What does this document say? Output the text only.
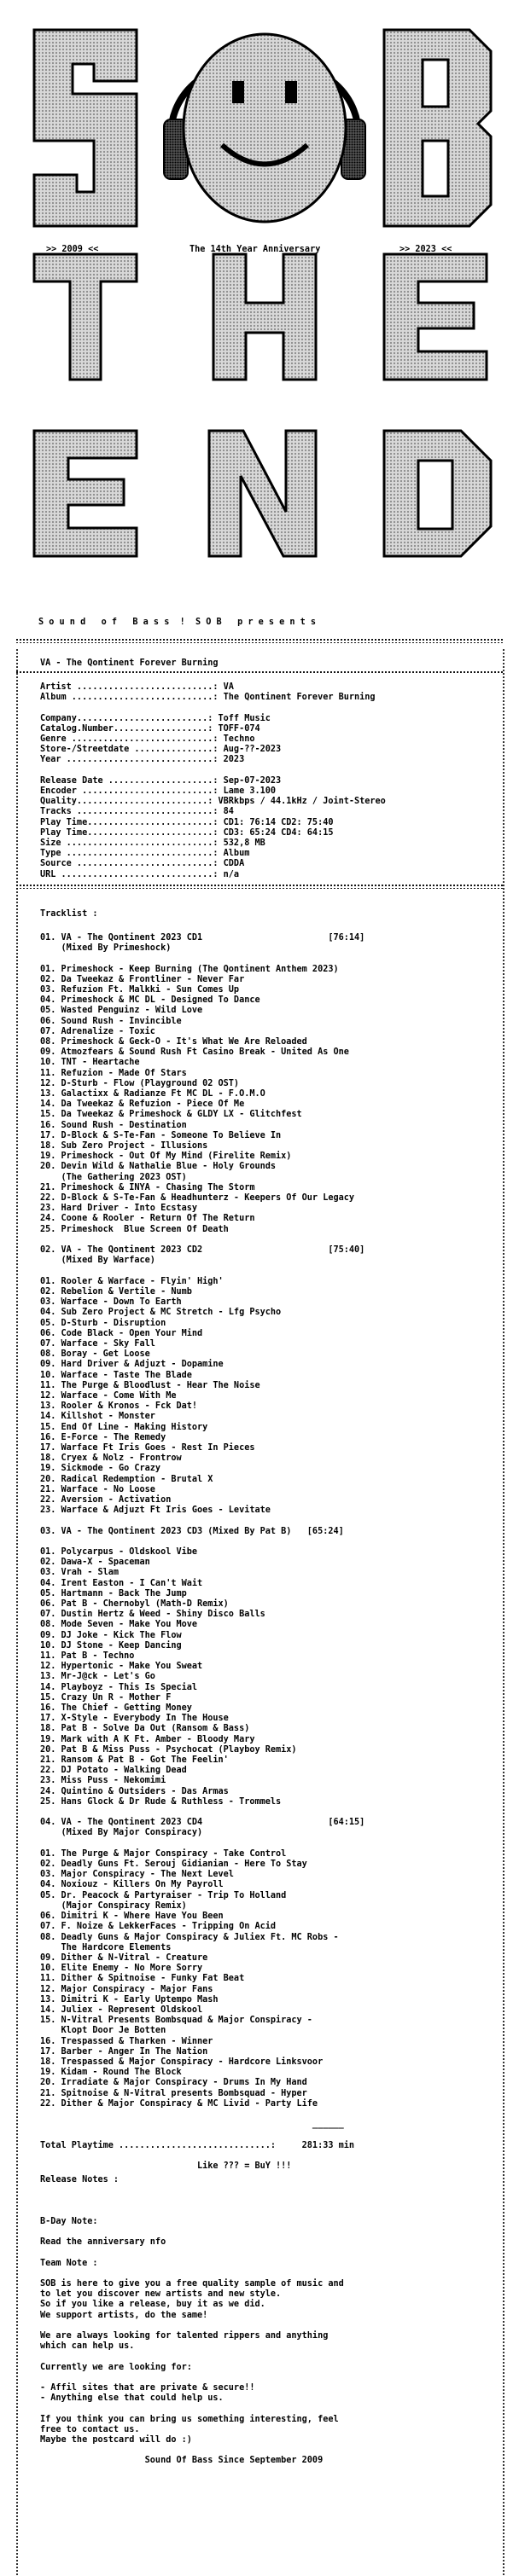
>> 2009 <<	The 14th Year Anniversary	>> 2023 <<
S o u n d   o f   B a s s  !  S O B   p r e s e n t s
VA - The Qontinent Forever Burning
Artist ..........................: VA
Album ...........................: The Qontinent Forever Burning

Company.........................: Toff Music
Catalog.Number..................: TOFF-074
Genre ...........................: Techno
Store-/Streetdate ...............: Aug-??-2023
Year ............................: 2023

Release Date ....................: Sep-07-2023
Encoder .........................: Lame 3.100
Quality.........................: VBRkbps / 44.1kHz / Joint-Stereo
Tracks ..........................: 84
Play Time........................: CD1: 76:14 CD2: 75:40
Play Time........................: CD3: 65:24 CD4: 64:15
Size ............................: 532,8 MB
Type ............................: Album
Source ..........................: CDDA
URL .............................: n/a
Tracklist :
01. VA - The Qontinent 2023 CD1                        [76:14]
(Mixed By Primeshock)

01. Primeshock - Keep Burning (The Qontinent Anthem 2023)
02. Da Tweekaz & Frontliner - Never Far
03. Refuzion Ft. Malkki - Sun Comes Up
04. Primeshock & MC DL - Designed To Dance
05. Wasted Penguinz - Wild Love
06. Sound Rush - Invincible
07. Adrenalize - Toxic
08. Primeshock & Geck-O - It's What We Are Reloaded
09. Atmozfears & Sound Rush Ft Casino Break - United As One
10. TNT - Heartache
11. Refuzion - Made Of Stars
12. D-Sturb - Flow (Playground 02 OST)
13. Galactixx & Radianze Ft MC DL - F.O.M.O
14. Da Tweekaz & Refuzion - Piece Of Me
15. Da Tweekaz & Primeshock & GLDY LX - Glitchfest
16. Sound Rush - Destination
17. D-Block & S-Te-Fan - Someone To Believe In
18. Sub Zero Project - Illusions
19. Primeshock - Out Of My Mind (Firelite Remix)
20. Devin Wild & Nathalie Blue - Holy Grounds
(The Gathering 2023 OST)
21. Primeshock & INYA - Chasing The Storm
22. D-Block & S-Te-Fan & Headhunterz - Keepers Of Our Legacy
23. Hard Driver - Into Ecstasy
24. Coone & Rooler - Return Of The Return
25. Primeshock  Blue Screen Of Death

02. VA - The Qontinent 2023 CD2                        [75:40]
(Mixed By Warface)

01. Rooler & Warface - Flyin' High'
02. Rebelion & Vertile - Numb
03. Warface - Down To Earth
04. Sub Zero Project & MC Stretch - Lfg Psycho
05. D-Sturb - Disruption
06. Code Black - Open Your Mind
07. Warface - Sky Fall
08. Boray - Get Loose
09. Hard Driver & Adjuzt - Dopamine
10. Warface - Taste The Blade
11. The Purge & Bloodlust - Hear The Noise
12. Warface - Come With Me
13. Rooler & Kronos - Fck Dat!
14. Killshot - Monster
15. End Of Line - Making History
16. E-Force - The Remedy
17. Warface Ft Iris Goes - Rest In Pieces
18. Cryex & Nolz - Frontrow
19. Sickmode - Go Crazy
20. Radical Redemption - Brutal X
21. Warface - No Loose
22. Aversion - Activation
23. Warface & Adjuzt Ft Iris Goes - Levitate

03. VA - The Qontinent 2023 CD3 (Mixed By Pat B)   [65:24]

01. Polycarpus - Oldskool Vibe
02. Dawa-X - Spaceman
03. Vrah - Slam
04. Irent Easton - I Can't Wait
05. Hartmann - Back The Jump
06. Pat B - Chernobyl (Math-D Remix)
07. Dustin Hertz & Weed - Shiny Disco Balls
08. Mode Seven - Make You Move
09. DJ Joke - Kick The Flow
10. DJ Stone - Keep Dancing
11. Pat B - Techno
12. Hypertonic - Make You Sweat
13. Mr-J@ck - Let's Go
14. Playboyz - This Is Special
15. Crazy Un R - Mother F
16. The Chief - Getting Money
17. X-Style - Everybody In The House
18. Pat B - Solve Da Out (Ransom & Bass)
19. Mark with A K Ft. Amber - Bloody Mary
20. Pat B & Miss Puss - Psychocat (Playboy Remix)
21. Ransom & Pat B - Got The Feelin'
22. DJ Potato - Walking Dead
23. Miss Puss - Nekomimi
24. Quintino & Outsiders - Das Armas
25. Hans Glock & Dr Rude & Ruthless - Trommels

04. VA - The Qontinent 2023 CD4                        [64:15]
(Mixed By Major Conspiracy)

01. The Purge & Major Conspiracy - Take Control
02. Deadly Guns Ft. Serouj Gidianian - Here To Stay
03. Major Conspiracy - The Next Level
04. Noxiouz - Killers On My Payroll
05. Dr. Peacock & Partyraiser - Trip To Holland
(Major Conspiracy Remix)
06. Dimitri K - Where Have You Been
07. F. Noize & LekkerFaces - Tripping On Acid
08. Deadly Guns & Major Conspiracy & Juliex Ft. MC Robs -
The Hardcore Elements
09. Dither & N-Vitral - Creature
10. Elite Enemy - No More Sorry
11. Dither & Spitnoise - Funky Fat Beat
12. Major Conspiracy - Major Fans
13. Dimitri K - Early Uptempo Mash
14. Juliex - Represent Oldskool
15. N-Vitral Presents Bombsquad & Major Conspiracy -
Klopt Door Je Botten
16. Trespassed & Tharken - Winner
17. Barber - Anger In The Nation
18. Trespassed & Major Conspiracy - Hardcore Linksvoor
19. Kidam - Round The Block
20. Irradiate & Major Conspiracy - Drums In My Hand
21. Spitnoise & N-Vitral presents Bombsquad - Hyper
22. Dither & Major Conspiracy & MC Livid - Party Life

______

Total Playtime .............................:     281:33 min

Like ??? = BuY !!!
Release Notes :

B-Day Note:

Read the anniversary nfo

Team Note :

SOB is here to give you a free quality sample of music and
to let you discover new artists and new style.
So if you like a release, buy it as we did.
We support artists, do the same!

We are always looking for talented rippers and anything
which can help us.

Currently we are looking for:

- Affil sites that are private & secure!!
- Anything else that could help us.

If you think you can bring us something interesting, feel
free to contact us.
Maybe the postcard will do :)

Sound Of Bass Since September 2009
